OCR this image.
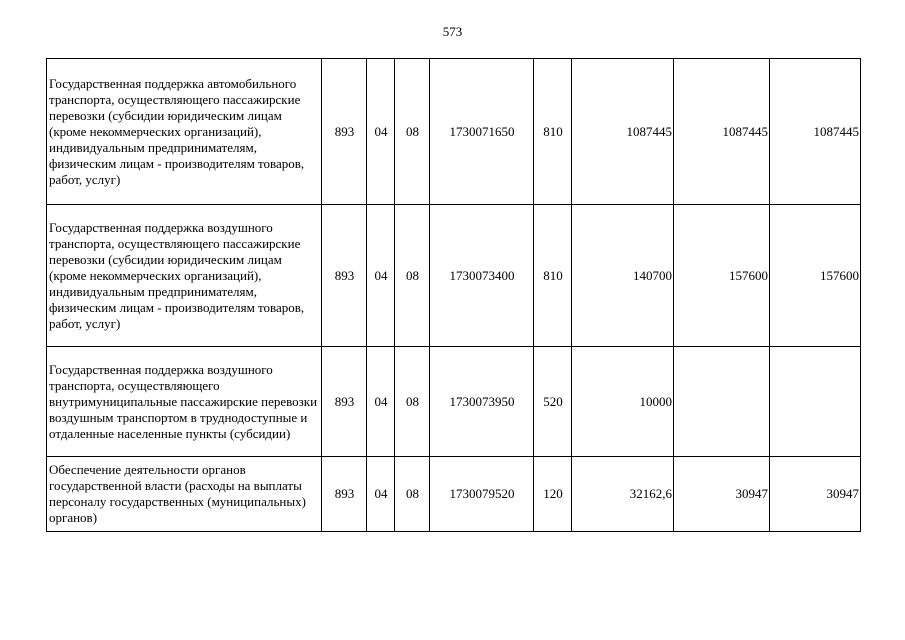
573
Государственная поддержка автомобильного транспорта, осуществляющего пассажирские перевозки (субсидии юридическим лицам (кроме некоммерческих организаций), индивидуальным предпринимателям, физическим лицам - производителям товаров, работ, услуг)	893	04	08	1730071650	810	1087445	1087445	1087445
Государственная поддержка воздушного транспорта, осуществляющего пассажирские перевозки (субсидии юридическим лицам (кроме некоммерческих организаций), индивидуальным предпринимателям, физическим лицам - производителям товаров, работ, услуг)	893	04	08	1730073400	810	140700	157600	157600
Государственная поддержка воздушного транспорта, осуществляющего внутримуниципальные пассажирские перевозки воздушным транспортом в труднодоступные и отдаленные населенные пункты (субсидии)	893	04	08	1730073950	520	10000		
Обеспечение деятельности органов государственной власти (расходы на выплаты персоналу государственных (муниципальных) органов)	893	04	08	1730079520	120	32162,6	30947	30947
